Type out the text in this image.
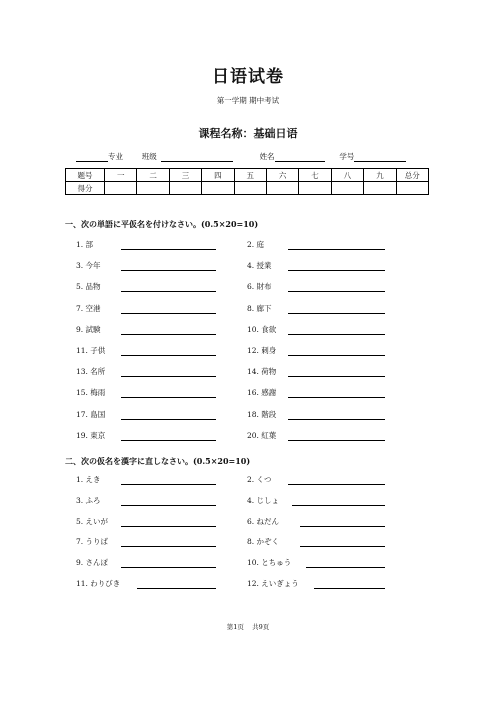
日语试卷
第一学期 期中考试
课程名称：基础日语
专业	班级	姓名	学号
题号	一	二	三	四	五	六	七	八	九	总分
得分										
一、次の単語に平仮名を付けなさい。(0.5×20=10)
1. 部	2. 庭
3. 今年	4. 授業
5. 品物	6. 財布
7. 空港	8. 廊下
9. 試験	10. 食欲
11. 子供	12. 刺身
13. 名所	14. 荷物
15. 梅雨	16. 感謝
17. 島国	18. 階段
19. 東京	20. 紅葉
二、次の仮名を漢字に直しなさい。(0.5×20=10)
1. えき	2. くつ
3. ふろ	4. じしょ
5. えいが	6. ねだん
7. うりば	8. かぞく
9. さんぽ	10. とちゅう
11. わりびき	12. えいぎょう
第1页 共9页
